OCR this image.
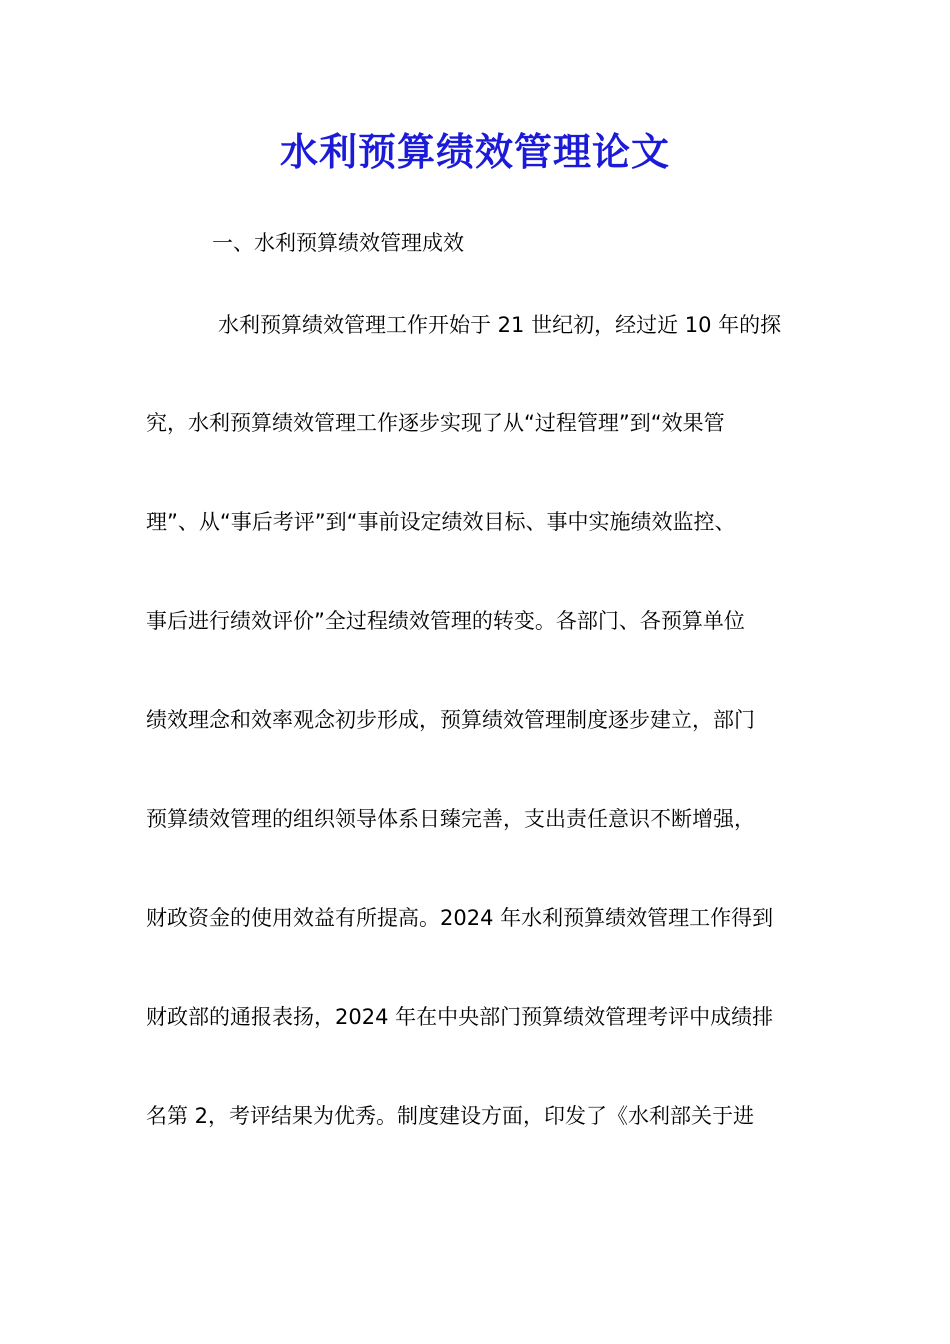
水利预算绩效管理论文
一、水利预算绩效管理成效
水利预算绩效管理工作开始于 21 世纪初，经过近 10 年的探
究，水利预算绩效管理工作逐步实现了从“过程管理”到“效果管
理”、从“事后考评”到“事前设定绩效目标、事中实施绩效监控、
事后进行绩效评价”全过程绩效管理的转变。各部门、各预算单位
绩效理念和效率观念初步形成，预算绩效管理制度逐步建立，部门
预算绩效管理的组织领导体系日臻完善，支出责任意识不断增强，
财政资金的使用效益有所提高。2024 年水利预算绩效管理工作得到
财政部的通报表扬，2024 年在中央部门预算绩效管理考评中成绩排
名第 2，考评结果为优秀。制度建设方面，印发了《水利部关于进
